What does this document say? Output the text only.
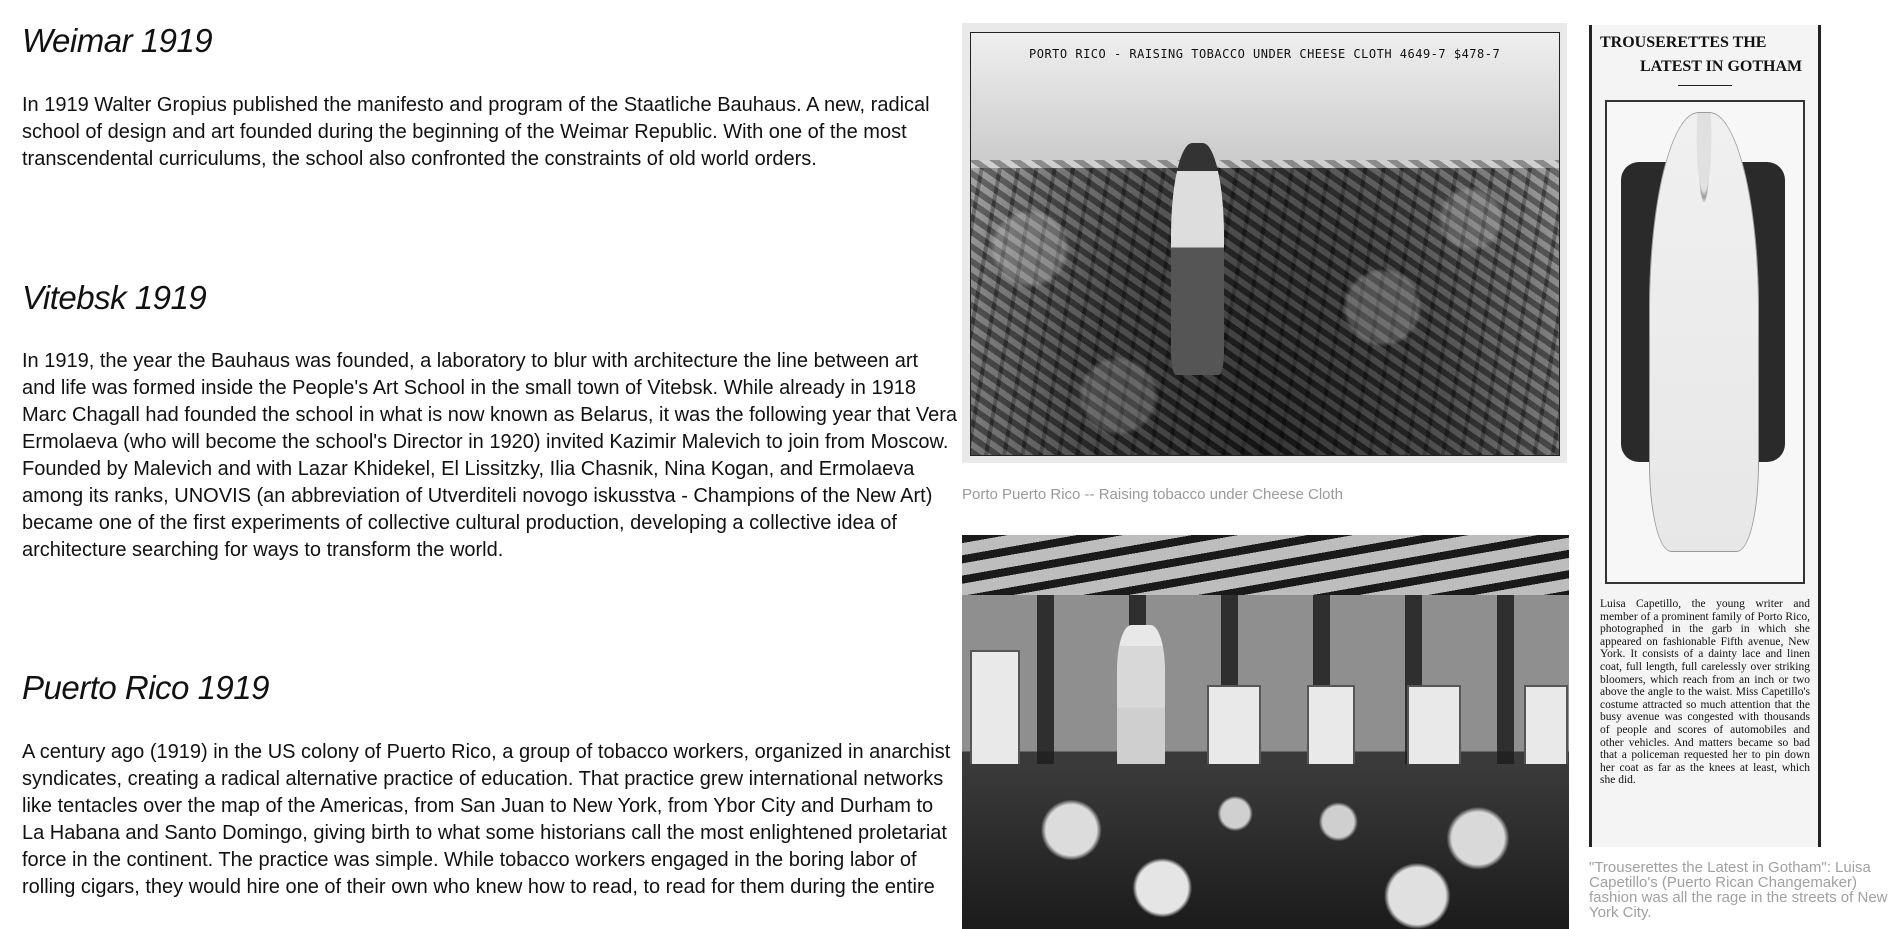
Weimar 1919

In 1919 Walter Gropius published the manifesto and program of the Staatliche Bauhaus. A new, radical school of design and art founded during the beginning of the Weimar Republic. With one of the most transcendental curriculums, the school also confronted the constraints of old world orders.

Vitebsk 1919

In 1919, the year the Bauhaus was founded, a laboratory to blur with architecture the line between art and life was formed inside the People's Art School in the small town of Vitebsk. While already in 1918 Marc Chagall had founded the school in what is now known as Belarus, it was the following year that Vera Ermolaeva (who will become the school's Director in 1920) invited Kazimir Malevich to join from Moscow. Founded by Malevich and with Lazar Khidekel, El Lissitzky, Ilia Chasnik, Nina Kogan, and Ermolaeva among its ranks, UNOVIS (an abbreviation of Utverditeli novogo iskusstva - Champions of the New Art) became one of the first experiments of collective cultural production, developing a collective idea of architecture searching for ways to transform the world.

Puerto Rico 1919

A century ago (1919) in the US colony of Puerto Rico, a group of tobacco workers, organized in anarchist syndicates, creating a radical alternative practice of education. That practice grew international networks like tentacles over the map of the Americas, from San Juan to New York, from Ybor City and Durham to La Habana and Santo Domingo, giving birth to what some historians call the most enlightened proletariat force in the continent. The practice was simple. While tobacco workers engaged in the boring labor of rolling cigars, they would hire one of their own who knew how to read, to read for them during the entire

PORTO RICO - RAISING TOBACCO UNDER CHEESE CLOTH 4649-7 $478-7
Porto Puerto Rico -- Raising tobacco under Cheese Cloth
TROUSERETTES THE
LATEST IN GOTHAM
Luisa Capetillo, the young writer and member of a prominent family of Porto Rico, photographed in the garb in which she appeared on fashionable Fifth avenue, New York. It consists of a dainty lace and linen coat, full length, full carelessly over striking bloomers, which reach from an inch or two above the angle to the waist. Miss Capetillo's costume attracted so much attention that the busy avenue was congested with thousands of people and scores of automobiles and other vehicles. And matters became so bad that a policeman requested her to pin down her coat as far as the knees at least, which she did.
"Trouserettes the Latest in Gotham": Luisa Capetillo's (Puerto Rican Changemaker) fashion was all the rage in the streets of New York City.
